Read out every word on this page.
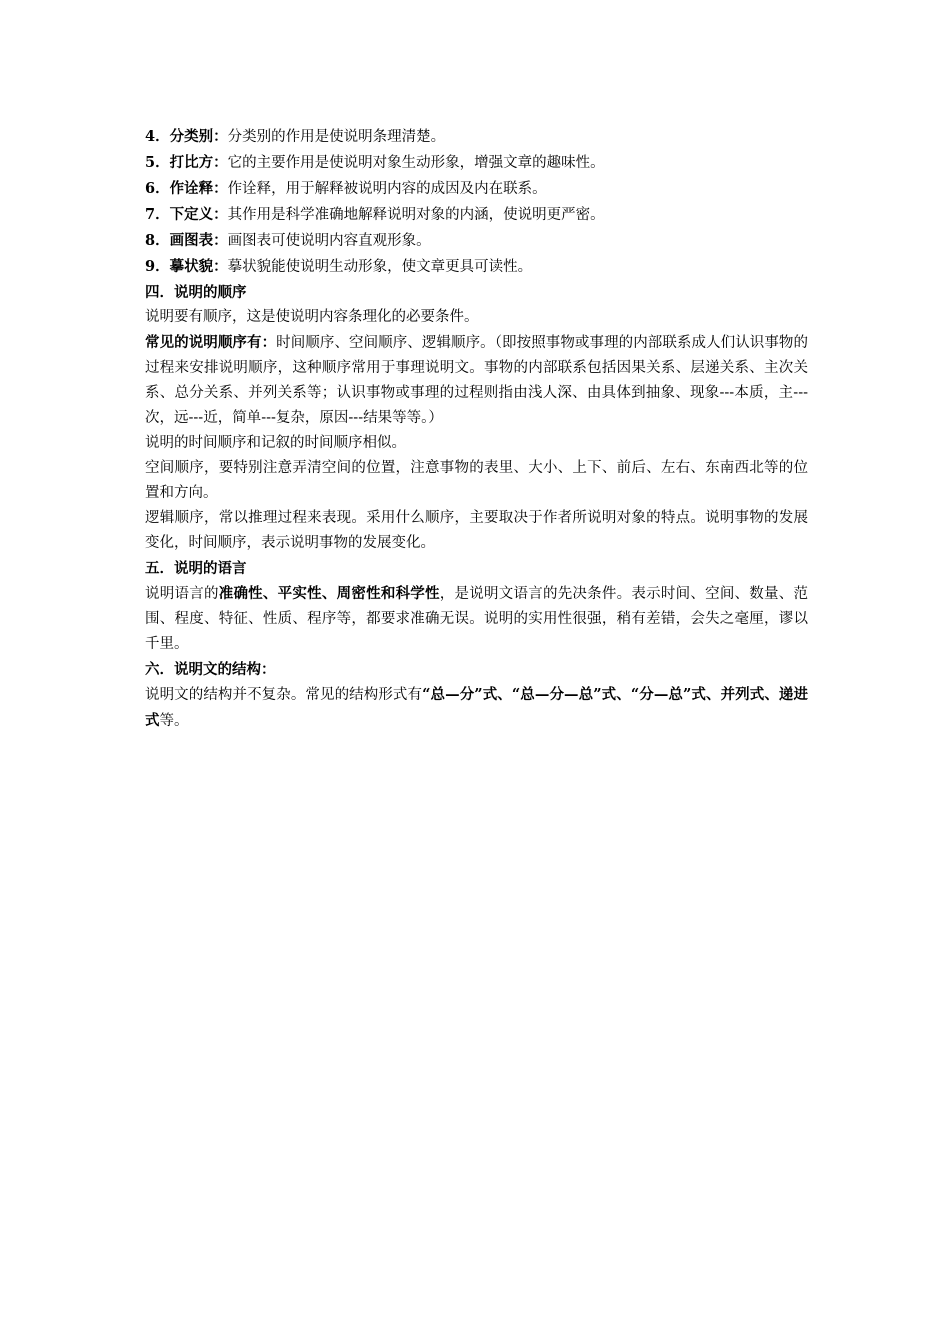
4．分类别：分类别的作用是使说明条理清楚。

5．打比方：它的主要作用是使说明对象生动形象，增强文章的趣味性。

6．作诠释：作诠释，用于解释被说明内容的成因及内在联系。

7．下定义：其作用是科学准确地解释说明对象的内涵，使说明更严密。

8．画图表：画图表可使说明内容直观形象。

9．摹状貌：摹状貌能使说明生动形象，使文章更具可读性。

四．说明的顺序

说明要有顺序，这是使说明内容条理化的必要条件。

常见的说明顺序有：时间顺序、空间顺序、逻辑顺序。（即按照事物或事理的内部联系成人们认识事物的过程来安排说明顺序，这种顺序常用于事理说明文。事物的内部联系包括因果关系、层递关系、主次关系、总分关系、并列关系等；认识事物或事理的过程则指由浅人深、由具体到抽象、现象---本质，主---次，远---近，简单---复杂，原因---结果等等。）

说明的时间顺序和记叙的时间顺序相似。

空间顺序，要特别注意弄清空间的位置，注意事物的表里、大小、上下、前后、左右、东南西北等的位置和方向。

逻辑顺序，常以推理过程来表现。采用什么顺序，主要取决于作者所说明对象的特点。说明事物的发展变化，时间顺序，表示说明事物的发展变化。

五．说明的语言

说明语言的准确性、平实性、周密性和科学性，是说明文语言的先决条件。表示时间、空间、数量、范围、程度、特征、性质、程序等，都要求准确无误。说明的实用性很强，稍有差错，会失之毫厘，谬以千里。

六．说明文的结构：

说明文的结构并不复杂。常见的结构形式有“总—分”式、“总—分—总”式、“分—总”式、并列式、递进式等。
